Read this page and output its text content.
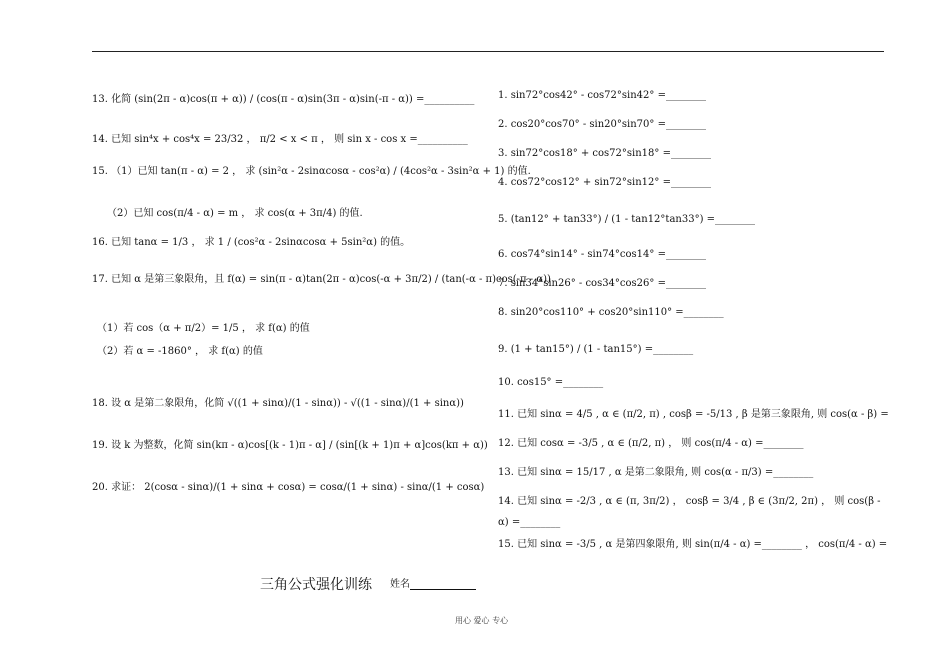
13. 化简 (sin(2π - α)cos(π + α)) / (cos(π - α)sin(3π - α)sin(-π - α)) =__________
14. 已知 sin⁴x + cos⁴x = 23/32 ， π/2 < x < π ， 则 sin x - cos x =__________
15. （1）已知 tan(π - α) = 2 ， 求 (sin²α - 2sinαcosα - cos²α) / (4cos²α - 3sin²α + 1) 的值.
（2）已知 cos(π/4 - α) = m ， 求 cos(α + 3π/4) 的值.
16. 已知 tanα = 1/3 ， 求 1 / (cos²α - 2sinαcosα + 5sin²α) 的值。
17. 已知 α 是第三象限角，且 f(α) = sin(π - α)tan(2π - α)cos(-α + 3π/2) / (tan(-α - π)cos(-π - α))
（1）若 cos（α + π/2）= 1/5 ， 求 f(α) 的值
（2）若 α = -1860° ， 求 f(α) 的值
18. 设 α 是第二象限角，化简 √((1 + sinα)/(1 - sinα)) - √((1 - sinα)/(1 + sinα))
19. 设 k 为整数，化简 sin(kπ - α)cos[(k - 1)π - α] / (sin[(k + 1)π + α]cos(kπ + α))
20. 求证： 2(cosα - sinα)/(1 + sinα + cosα) = cosα/(1 + sinα) - sinα/(1 + cosα)
1. sin72°cos42° - cos72°sin42° =________
2. cos20°cos70° - sin20°sin70° =________
3. sin72°cos18° + cos72°sin18° =________
4. cos72°cos12° + sin72°sin12° =________
5. (tan12° + tan33°) / (1 - tan12°tan33°) =________
6. cos74°sin14° - sin74°cos14° =________
7. sin34°sin26° - cos34°cos26° =________
8. sin20°cos110° + cos20°sin110° =________
9. (1 + tan15°) / (1 - tan15°) =________
10. cos15° =________
11. 已知 sinα = 4/5 , α ∈ (π/2, π) , cosβ = -5/13 , β 是第三象限角, 则 cos(α - β) =
12. 已知 cosα = -3/5 , α ∈ (π/2, π) ， 则 cos(π/4 - α) =________
13. 已知 sinα = 15/17 , α 是第二象限角, 则 cos(α - π/3) =________
14. 已知 sinα = -2/3 , α ∈ (π, 3π/2) ， cosβ = 3/4 , β ∈ (3π/2, 2π) ， 则 cos(β -
α) =________
15. 已知 sinα = -3/5 , α 是第四象限角, 则 sin(π/4 - α) =________ ， cos(π/4 - α) =
三角公式强化训练 姓名
用心 爱心 专心
